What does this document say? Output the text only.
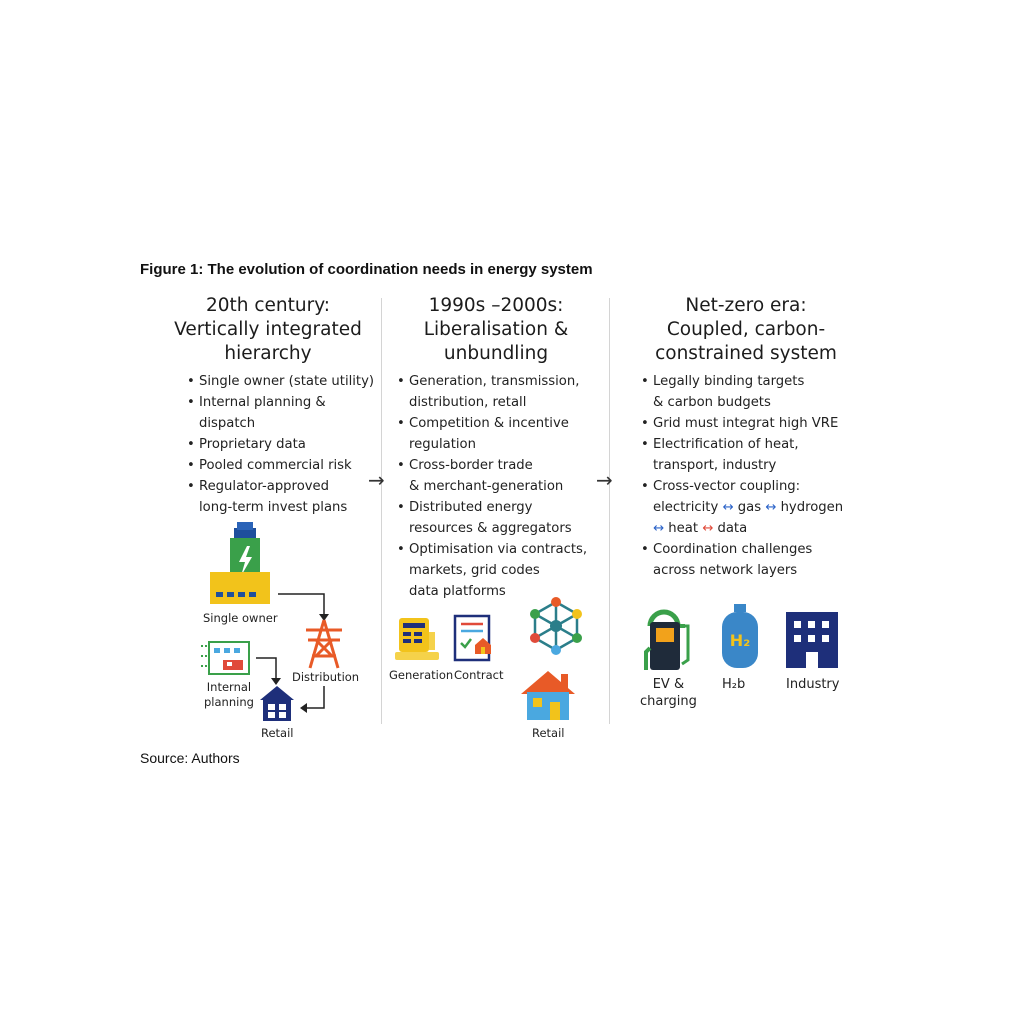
Figure 1: The evolution of coordination needs in energy system
→	→
20th century:
Vertically integrated
hierarchy
• Single owner (state utility)
• Internal planning &
dispatch
• Proprietary data
• Pooled commercial risk
• Regulator-approved
long-term invest plans
Single owner
Distribution
Internal
planning
Retail
1990s –2000s:
Liberalisation &
unbundling
• Generation, transmission,
distribution, retall
• Competition & incentive
regulation
• Cross-border trade
& merchant-generation
• Distributed energy
resources & aggregators
• Optimisation via contracts,
markets, grid codes
data platforms
Generation Contract
Retail
Net-zero era:
Coupled, carbon-
constrained system
• Legally binding targets
& carbon budgets
• Grid must integrat high VRE
• Electrification of heat,
transport, industry
• Cross-vector coupling:
electricity ↔ gas ↔ hydrogen
↔ heat ↔ data
• Coordination challenges
across network layers
EV &
charging
H₂
H₂b	Industry
Source: Authors
